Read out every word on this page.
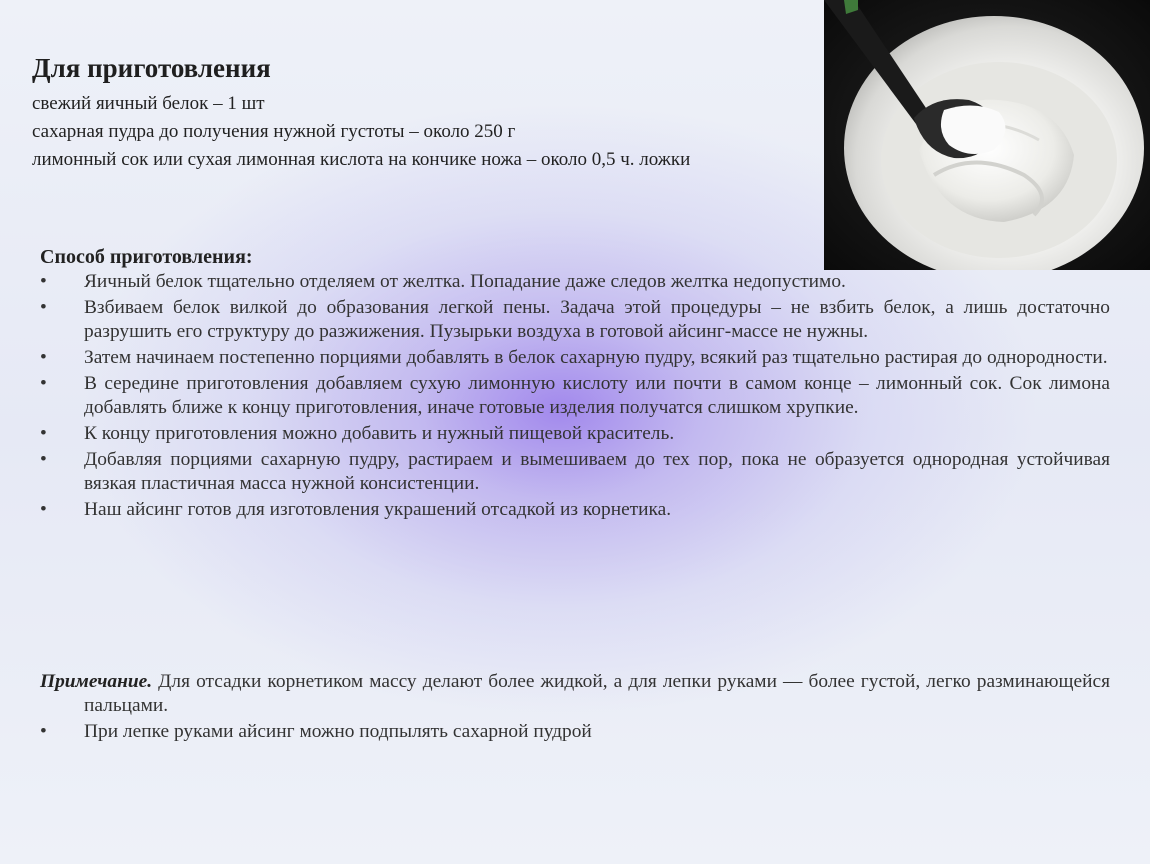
Для приготовления

свежий яичный белок – 1 шт

сахарная пудра до получения нужной густоты – около 250 г

лимонный сок или сухая лимонная кислота на кончике ножа – около 0,5 ч. ложки

Способ приготовления:

•	Яичный белок тщательно отделяем от желтка. Попадание даже следов желтка недопустимо.
•	Взбиваем белок вилкой до образования легкой пены. Задача этой процедуры – не взбить белок, а лишь достаточно разрушить его структуру до разжижения. Пузырьки воздуха в готовой айсинг-массе не нужны.
•	Затем начинаем постепенно порциями добавлять в белок сахарную пудру, всякий раз тщательно растирая до однородности.
•	В середине приготовления добавляем сухую лимонную кислоту или почти в самом конце – лимонный сок. Сок лимона добавлять ближе к концу приготовления, иначе готовые изделия получатся слишком хрупкие.
•	К концу приготовления можно добавить и нужный пищевой краситель.
•	Добавляя порциями сахарную пудру, растираем и вымешиваем до тех пор, пока не образуется однородная устойчивая вязкая пластичная масса нужной консистенции.
•	Наш айсинг готов для изготовления украшений отсадкой из корнетика.

Примечание. Для отсадки корнетиком массу делают более жидкой, а для лепки руками — более густой, легко разминающейся пальцами.

•	При лепке руками айсинг можно подпылять сахарной пудрой
